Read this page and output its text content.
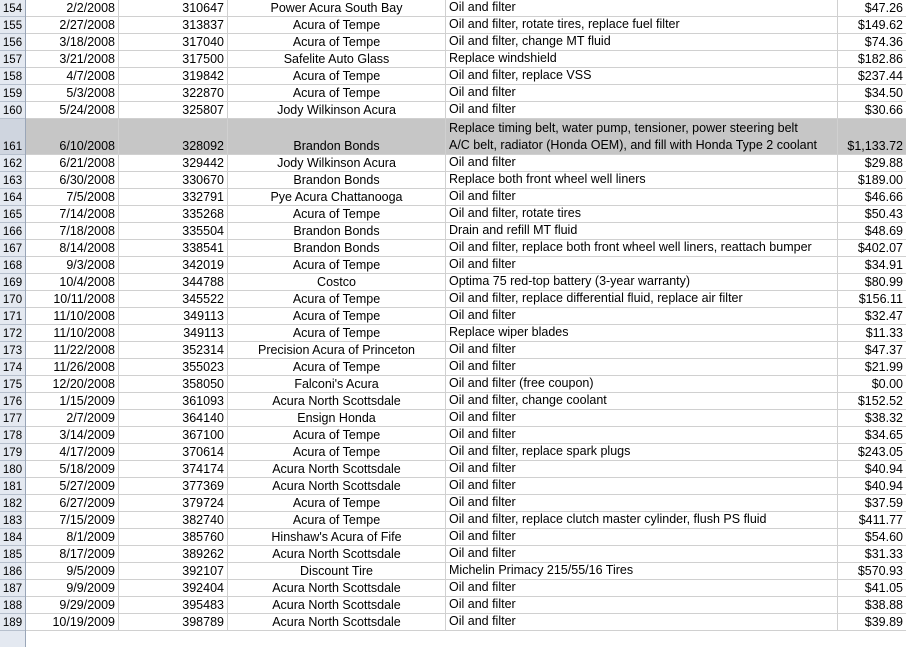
154	2/2/2008	310647	Power Acura South Bay	Oil and filter	$47.26
155	2/27/2008	313837	Acura of Tempe	Oil and filter, rotate tires, replace fuel filter	$149.62
156	3/18/2008	317040	Acura of Tempe	Oil and filter, change MT fluid	$74.36
157	3/21/2008	317500	Safelite Auto Glass	Replace windshield	$182.86
158	4/7/2008	319842	Acura of Tempe	Oil and filter, replace VSS	$237.44
159	5/3/2008	322870	Acura of Tempe	Oil and filter	$34.50
160	5/24/2008	325807	Jody Wilkinson Acura	Oil and filter	$30.66
161	6/10/2008	328092	Brandon Bonds
Replace timing belt, water pump, tensioner, power steering belt
A/C belt, radiator (Honda OEM), and fill with Honda Type 2 coolant	$1,133.72
162	6/21/2008	329442	Jody Wilkinson Acura	Oil and filter	$29.88
163	6/30/2008	330670	Brandon Bonds	Replace both front wheel well liners	$189.00
164	7/5/2008	332791	Pye Acura Chattanooga	Oil and filter	$46.66
165	7/14/2008	335268	Acura of Tempe	Oil and filter, rotate tires	$50.43
166	7/18/2008	335504	Brandon Bonds	Drain and refill MT fluid	$48.69
167	8/14/2008	338541	Brandon Bonds	Oil and filter, replace both front wheel well liners, reattach bumper	$402.07
168	9/3/2008	342019	Acura of Tempe	Oil and filter	$34.91
169	10/4/2008	344788	Costco	Optima 75 red-top battery (3-year warranty)	$80.99
170	10/11/2008	345522	Acura of Tempe	Oil and filter, replace differential fluid, replace air filter	$156.11
171	11/10/2008	349113	Acura of Tempe	Oil and filter	$32.47
172	11/10/2008	349113	Acura of Tempe	Replace wiper blades	$11.33
173	11/22/2008	352314	Precision Acura of Princeton	Oil and filter	$47.37
174	11/26/2008	355023	Acura of Tempe	Oil and filter	$21.99
175	12/20/2008	358050	Falconi's Acura	Oil and filter (free coupon)	$0.00
176	1/15/2009	361093	Acura North Scottsdale	Oil and filter, change coolant	$152.52
177	2/7/2009	364140	Ensign Honda	Oil and filter	$38.32
178	3/14/2009	367100	Acura of Tempe	Oil and filter	$34.65
179	4/17/2009	370614	Acura of Tempe	Oil and filter, replace spark plugs	$243.05
180	5/18/2009	374174	Acura North Scottsdale	Oil and filter	$40.94
181	5/27/2009	377369	Acura North Scottsdale	Oil and filter	$40.94
182	6/27/2009	379724	Acura of Tempe	Oil and filter	$37.59
183	7/15/2009	382740	Acura of Tempe	Oil and filter, replace clutch master cylinder, flush PS fluid	$411.77
184	8/1/2009	385760	Hinshaw's Acura of Fife	Oil and filter	$54.60
185	8/17/2009	389262	Acura North Scottsdale	Oil and filter	$31.33
186	9/5/2009	392107	Discount Tire	Michelin Primacy 215/55/16 Tires	$570.93
187	9/9/2009	392404	Acura North Scottsdale	Oil and filter	$41.05
188	9/29/2009	395483	Acura North Scottsdale	Oil and filter	$38.88
189	10/19/2009	398789	Acura North Scottsdale	Oil and filter	$39.89
